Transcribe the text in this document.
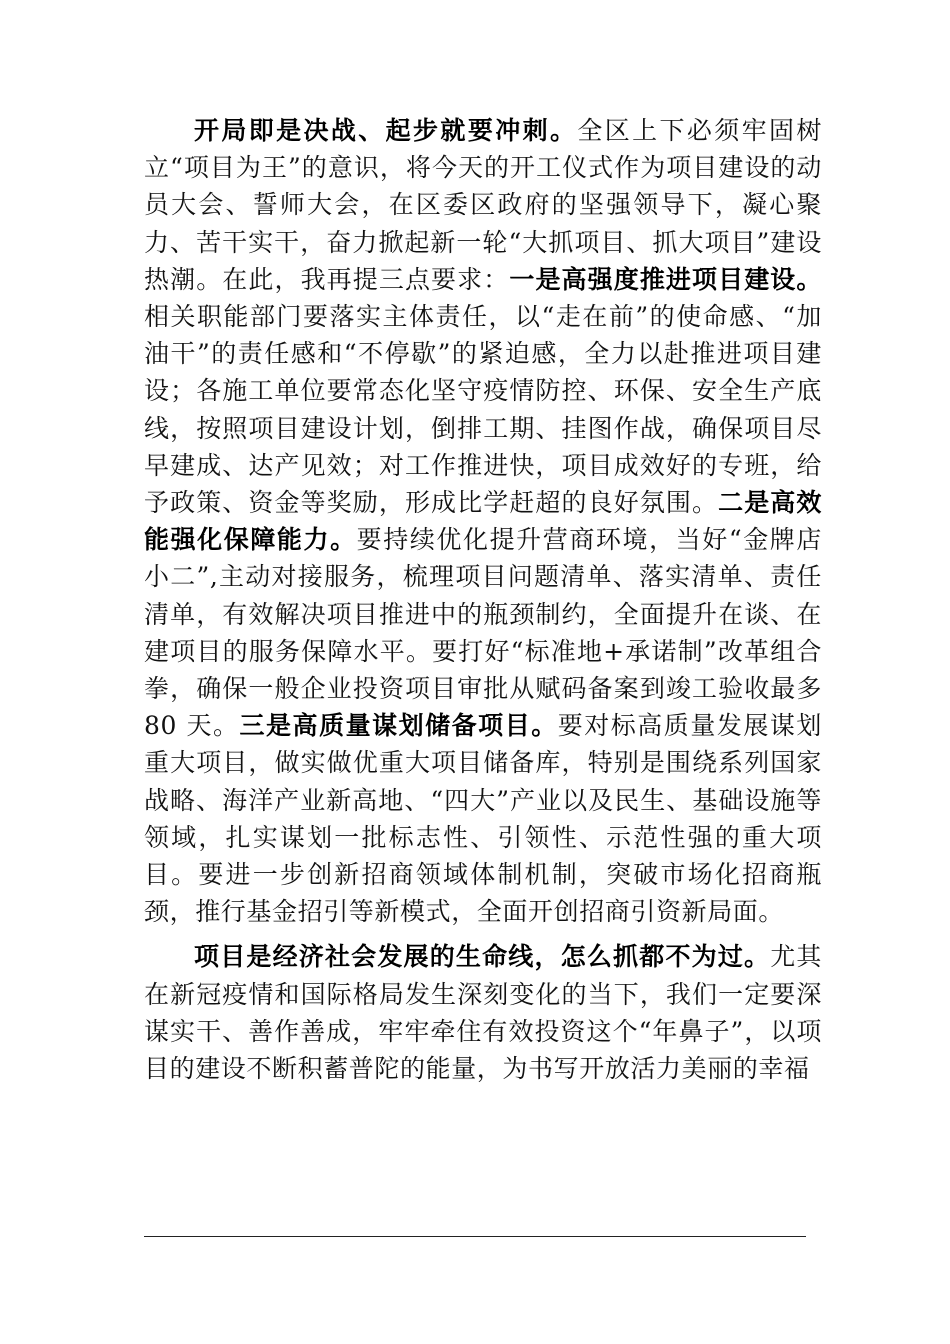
开局即是决战、起步就要冲刺。全区上下必须牢固树立“项目为王”的意识，将今天的开工仪式作为项目建设的动员大会、誓师大会，在区委区政府的坚强领导下，凝心聚力、苦干实干，奋力掀起新一轮“大抓项目、抓大项目”建设热潮。在此，我再提三点要求：一是高强度推进项目建设。相关职能部门要落实主体责任，以“走在前”的使命感、“加油干”的责任感和“不停歇”的紧迫感，全力以赴推进项目建设；各施工单位要常态化坚守疫情防控、环保、安全生产底线，按照项目建设计划，倒排工期、挂图作战，确保项目尽早建成、达产见效；对工作推进快，项目成效好的专班，给予政策、资金等奖励，形成比学赶超的良好氛围。二是高效能强化保障能力。要持续优化提升营商环境，当好“金牌店小二”,主动对接服务，梳理项目问题清单、落实清单、责任清单，有效解决项目推进中的瓶颈制约，全面提升在谈、在建项目的服务保障水平。要打好“标准地+承诺制”改革组合拳，确保一般企业投资项目审批从赋码备案到竣工验收最多 80 天。三是高质量谋划储备项目。要对标高质量发展谋划重大项目，做实做优重大项目储备库，特别是围绕系列国家战略、海洋产业新高地、“四大”产业以及民生、基础设施等领域，扎实谋划一批标志性、引领性、示范性强的重大项目。要进一步创新招商领域体制机制，突破市场化招商瓶颈，推行基金招引等新模式，全面开创招商引资新局面。

项目是经济社会发展的生命线，怎么抓都不为过。尤其在新冠疫情和国际格局发生深刻变化的当下，我们一定要深谋实干、善作善成，牢牢牵住有效投资这个“年鼻子”，以项目的建设不断积蓄普陀的能量，为书写开放活力美丽的幸福
